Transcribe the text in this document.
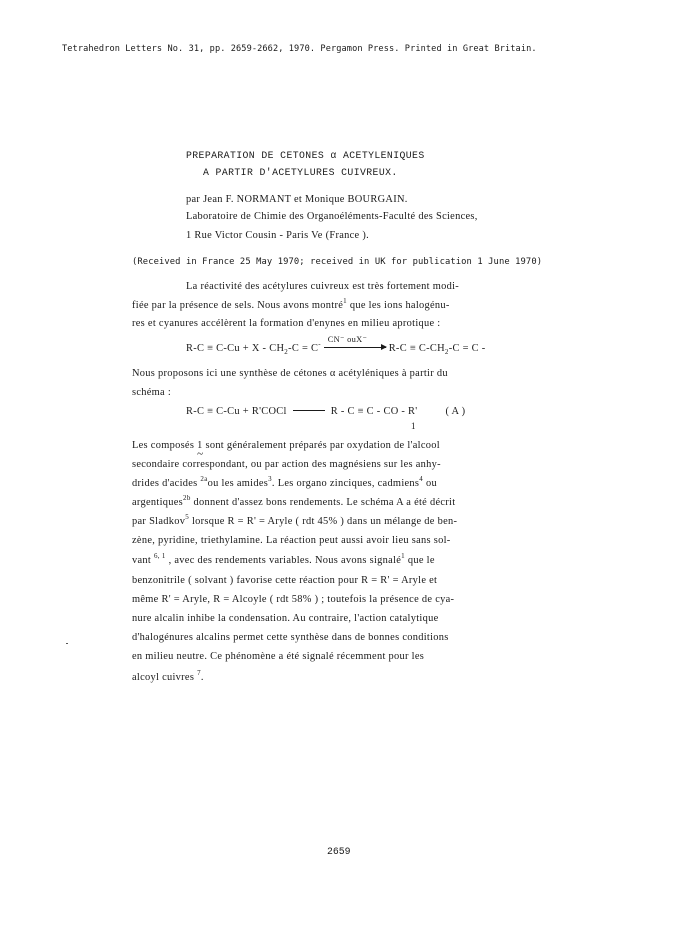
Tetrahedron Letters No. 31, pp. 2659-2662, 1970. Pergamon Press. Printed in Great Britain.
PREPARATION DE CETONES α ACETYLENIQUES
A PARTIR D'ACETYLURES CUIVREUX.
par Jean F. NORMANT et Monique BOURGAIN.
Laboratoire de Chimie des Organoéléments-Faculté des Sciences,
1 Rue Victor Cousin - Paris Ve (France ).
(Received in France 25 May 1970; received in UK for publication 1 June 1970)
La réactivité des acétylures cuivreux est très fortement modi-
fiée par la présence de sels. Nous avons montré$^1$ que les ions halogénu-
res et cyanures accélèrent la formation d'enynes en milieu aprotique :
$R-C \equiv C-Cu + X - CH_2-C = C^-$ CN⁻ ouX⁻
$R-C \equiv C-CH_2-C = C$ -
Nous proposons ici une synthèse de cétones α acétyléniques à partir du
schéma :
R-C ≡ C-Cu + R'COCl	R - C ≡ C - CO - R'	( A )
1
Les composés 1 ~ sont généralement préparés par oxydation de l'alcool
secondaire correspondant, ou par action des magnésiens sur les anhy-
drides d'acides $^{2a}$ou les amides$^3$. Les organo zinciques, cadmiens$^4$ ou
argentiques$^{2b}$ donnent d'assez bons rendements. Le schéma A a été décrit
par Sladkov$^5$ lorsque R = R' = Aryle ( rdt 45% ) dans un mélange de ben-
zène, pyridine, triethylamine. La réaction peut aussi avoir lieu sans sol-
vant $^{6, 1}$ , avec des rendements variables. Nous avons signalé$^1$ que le
benzonitrile ( solvant ) favorise cette réaction pour R = R' = Aryle et
même R' = Aryle, R = Alcoyle ( rdt 58% ) ; toutefois la présence de cya-
nure alcalin inhibe la condensation. Au contraire, l'action catalytique
d'halogénures alcalins permet cette synthèse dans de bonnes conditions
en milieu neutre. Ce phénomène a été signalé récemment pour les
alcoyl cuivres $^7$.
2659
